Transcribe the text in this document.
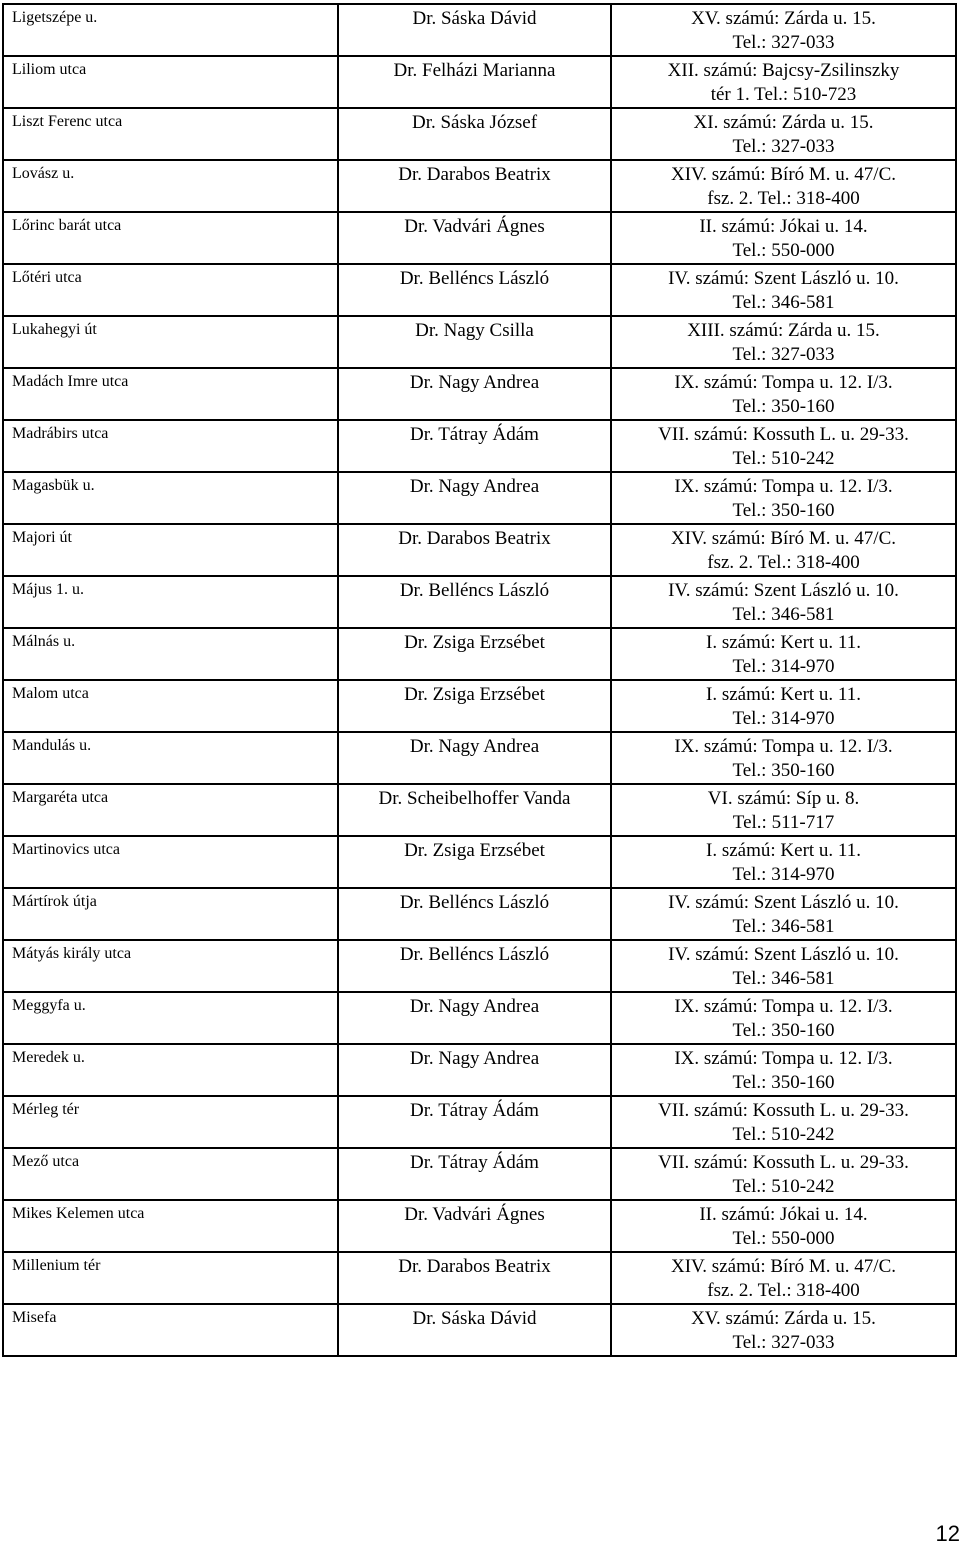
Ligetszépe u.	Dr. Sáska Dávid	XV. számú: Zárda u. 15.
Tel.: 327-033

Liliom utca	Dr. Felházi Marianna	XII. számú: Bajcsy-Zsilinszky
tér 1. Tel.: 510-723

Liszt Ferenc utca	Dr. Sáska József	XI. számú: Zárda u. 15.
Tel.: 327-033

Lovász u.	Dr. Darabos Beatrix	XIV. számú: Bíró M. u. 47/C.
fsz. 2. Tel.: 318-400

Lőrinc barát utca	Dr. Vadvári Ágnes	II. számú: Jókai u. 14.
Tel.: 550-000

Lőtéri utca	Dr. Belléncs László	IV. számú: Szent László u. 10.
Tel.: 346-581

Lukahegyi út	Dr. Nagy Csilla	XIII. számú: Zárda u. 15.
Tel.: 327-033

Madách Imre utca	Dr. Nagy Andrea	IX. számú: Tompa u. 12. I/3.
Tel.: 350-160

Madrábirs utca	Dr. Tátray Ádám	VII. számú: Kossuth L. u. 29-33.
Tel.: 510-242

Magasbük u.	Dr. Nagy Andrea	IX. számú: Tompa u. 12. I/3.
Tel.: 350-160

Majori út	Dr. Darabos Beatrix	XIV. számú: Bíró M. u. 47/C.
fsz. 2. Tel.: 318-400

Május 1. u.	Dr. Belléncs László	IV. számú: Szent László u. 10.
Tel.: 346-581

Málnás u.	Dr. Zsiga Erzsébet	I. számú: Kert u. 11.
Tel.: 314-970

Malom utca	Dr. Zsiga Erzsébet	I. számú: Kert u. 11.
Tel.: 314-970

Mandulás u.	Dr. Nagy Andrea	IX. számú: Tompa u. 12. I/3.
Tel.: 350-160

Margaréta utca	Dr. Scheibelhoffer Vanda	VI. számú: Síp u. 8.
Tel.: 511-717

Martinovics utca	Dr. Zsiga Erzsébet	I. számú: Kert u. 11.
Tel.: 314-970

Mártírok útja	Dr. Belléncs László	IV. számú: Szent László u. 10.
Tel.: 346-581

Mátyás király utca	Dr. Belléncs László	IV. számú: Szent László u. 10.
Tel.: 346-581

Meggyfa u.	Dr. Nagy Andrea	IX. számú: Tompa u. 12. I/3.
Tel.: 350-160

Meredek u.	Dr. Nagy Andrea	IX. számú: Tompa u. 12. I/3.
Tel.: 350-160

Mérleg tér	Dr. Tátray Ádám	VII. számú: Kossuth L. u. 29-33.
Tel.: 510-242

Mező utca	Dr. Tátray Ádám	VII. számú: Kossuth L. u. 29-33.
Tel.: 510-242

Mikes Kelemen utca	Dr. Vadvári Ágnes	II. számú: Jókai u. 14.
Tel.: 550-000

Millenium tér	Dr. Darabos Beatrix	XIV. számú: Bíró M. u. 47/C.
fsz. 2. Tel.: 318-400

Misefa	Dr. Sáska Dávid	XV. számú: Zárda u. 15.
Tel.: 327-033
12
